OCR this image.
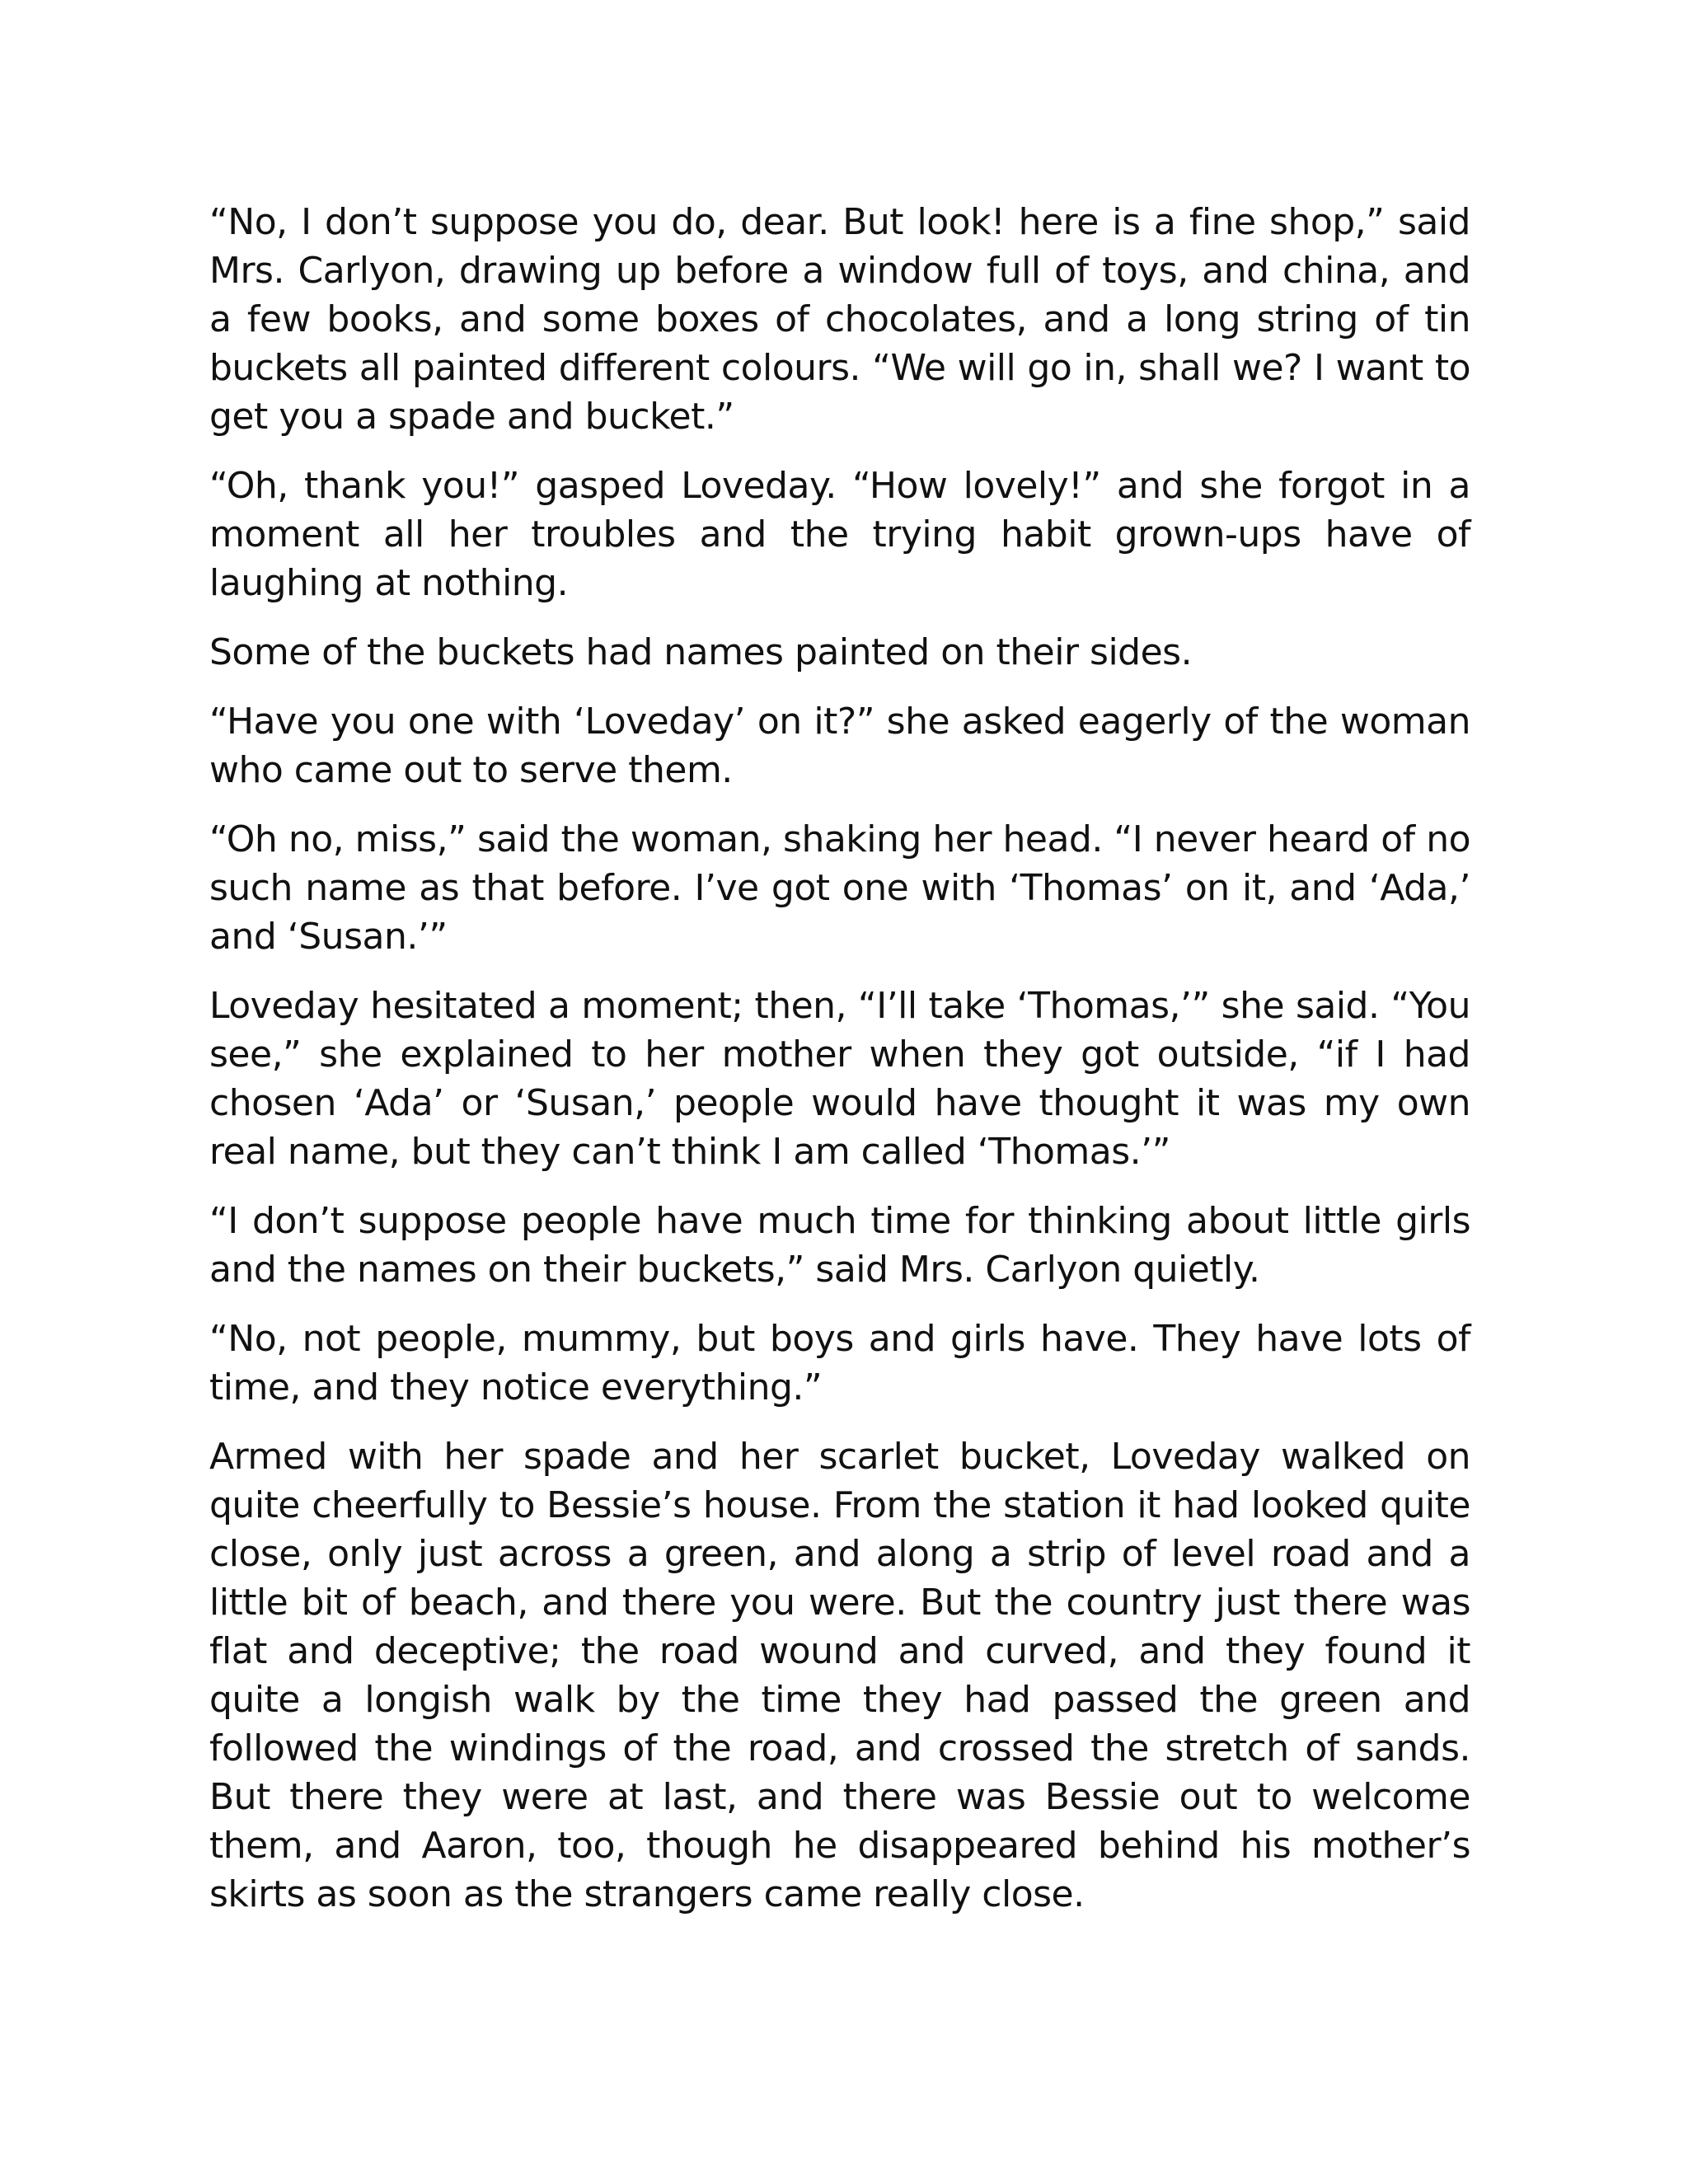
“No, I don’t suppose you do, dear. But look! here is a fine shop,” said Mrs. Carlyon, drawing up before a window full of toys, and china, and a few books, and some boxes of chocolates, and a long string of tin buckets all painted different colours. “We will go in, shall we? I want to get you a spade and bucket.”

“Oh, thank you!” gasped Loveday. “How lovely!” and she forgot in a moment all her troubles and the trying habit grown-ups have of laughing at nothing.

Some of the buckets had names painted on their sides.

“Have you one with ‘Loveday’ on it?” she asked eagerly of the woman who came out to serve them.

“Oh no, miss,” said the woman, shaking her head. “I never heard of no such name as that before. I’ve got one with ‘Thomas’ on it, and ‘Ada,’ and ‘Susan.’”

Loveday hesitated a moment; then, “I’ll take ‘Thomas,’” she said. “You see,” she explained to her mother when they got outside, “if I had chosen ‘Ada’ or ‘Susan,’ people would have thought it was my own real name, but they can’t think I am called ‘Thomas.’”

“I don’t suppose people have much time for thinking about little girls and the names on their buckets,” said Mrs. Carlyon quietly.

“No, not people, mummy, but boys and girls have. They have lots of time, and they notice everything.”

Armed with her spade and her scarlet bucket, Loveday walked on quite cheerfully to Bessie’s house. From the station it had looked quite close, only just across a green, and along a strip of level road and a little bit of beach, and there you were. But the country just there was flat and deceptive; the road wound and curved, and they found it quite a longish walk by the time they had passed the green and followed the windings of the road, and crossed the stretch of sands. But there they were at last, and there was Bessie out to welcome them, and Aaron, too, though he disappeared behind his mother’s skirts as soon as the strangers came really close.
